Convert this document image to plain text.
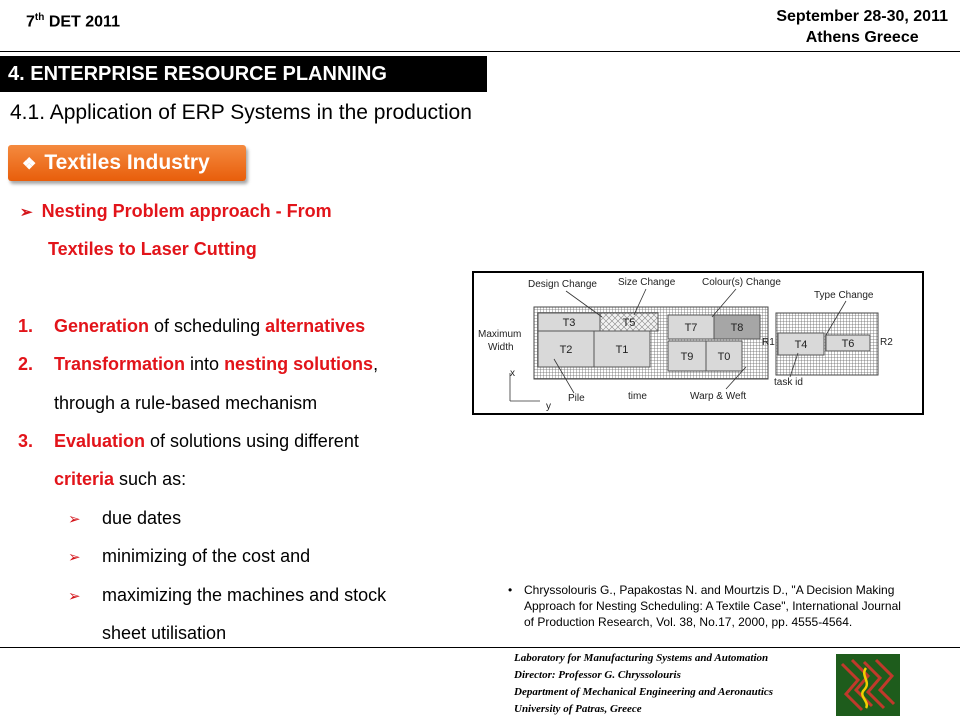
7th DET 2011	September 28-30, 2011
Athens Greece
4. ENTERPRISE RESOURCE PLANNING
4.1. Application of ERP Systems in the production
❖ Textiles Industry
➢ Nesting Problem approach - From
Textiles to Laser Cutting
1. Generation of scheduling alternatives
2. Transformation into nesting solutions,
through a rule-based mechanism
3. Evaluation of solutions using different
criteria such as:
➢ due dates
➢ minimizing of the cost and
➢ maximizing the machines and stock
sheet utilisation
T3	T5
T2	T1
T7	T8
T9 T0
T4	T6
Design Change Size Change	Colour(s) Change
Type Change
Maximum
Width
x
y
Pile	time	Warp & Weft
task id
R1	R2
• Chryssolouris G., Papakostas N. and Mourtzis D., "A Decision Making
Approach for Nesting Scheduling: A Textile Case", International Journal
of Production Research, Vol. 38, No.17, 2000, pp. 4555-4564.
Laboratory for Manufacturing Systems and Automation
Director: Professor G. Chryssolouris
Department of Mechanical Engineering and Aeronautics
University of Patras, Greece
